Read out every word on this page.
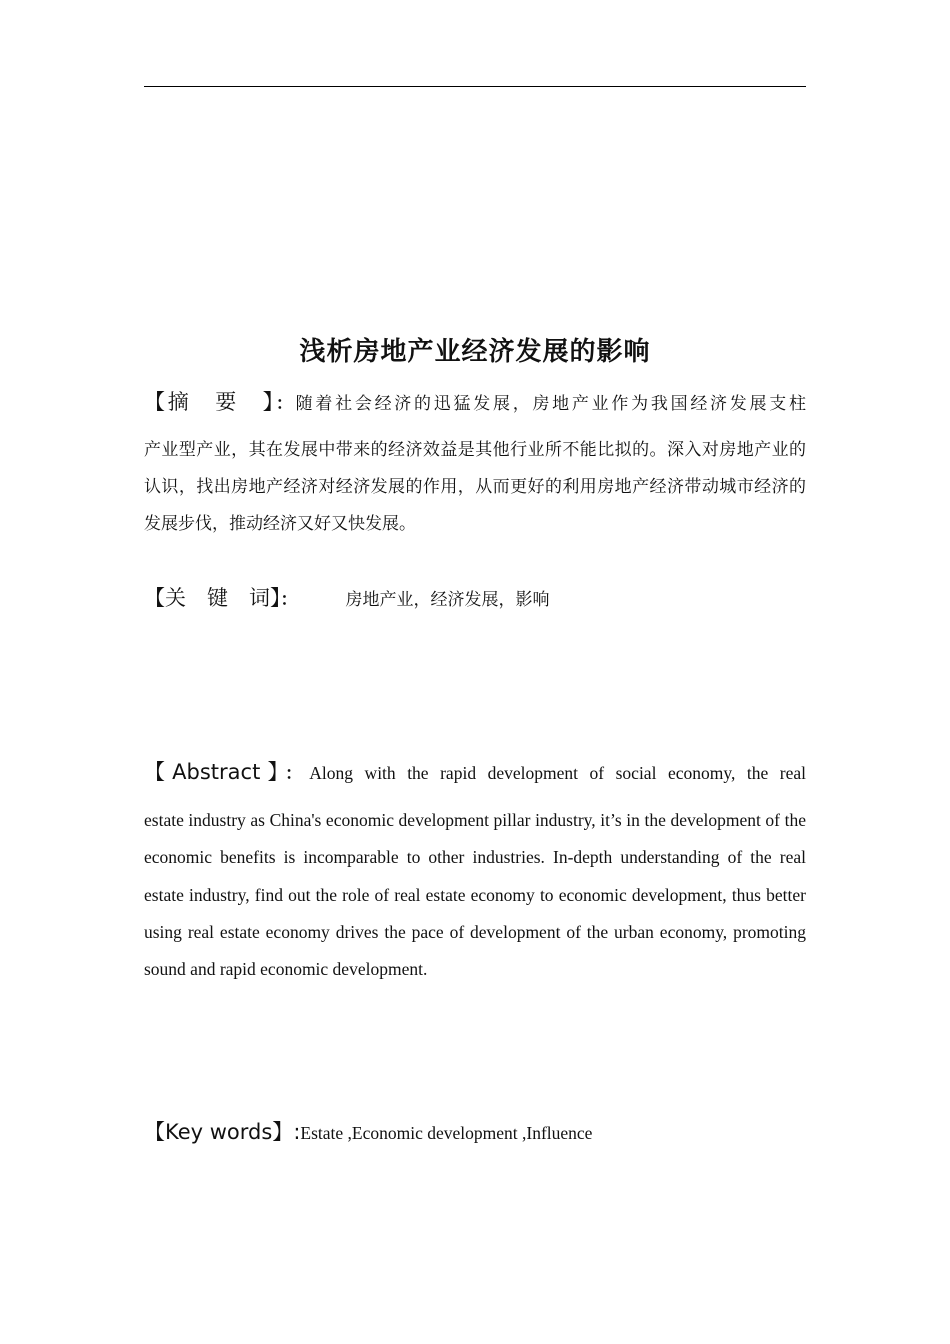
浅析房地产业经济发展的影响
【摘　要　】：随着社会经济的迅猛发展，房地产业作为我国经济发展支柱
产业型产业，其在发展中带来的经济效益是其他行业所不能比拟的。深入对房地产业的认识，找出房地产经济对经济发展的作用，从而更好的利用房地产经济带动城市经济的发展步伐，推动经济又好又快发展。
【关　键　词】：	房地产业，经济发展，影响
【Abstract】：Along with the rapid development of social economy, the real
estate industry as China's economic development pillar industry, it’s in the development of the economic benefits is incomparable to other industries. In-depth understanding of the real estate industry, find out the role of real estate economy to economic development, thus better using real estate economy drives the pace of development of the urban economy, promoting sound and rapid economic development.
【Key words】:Estate ,Economic development ,Influence
